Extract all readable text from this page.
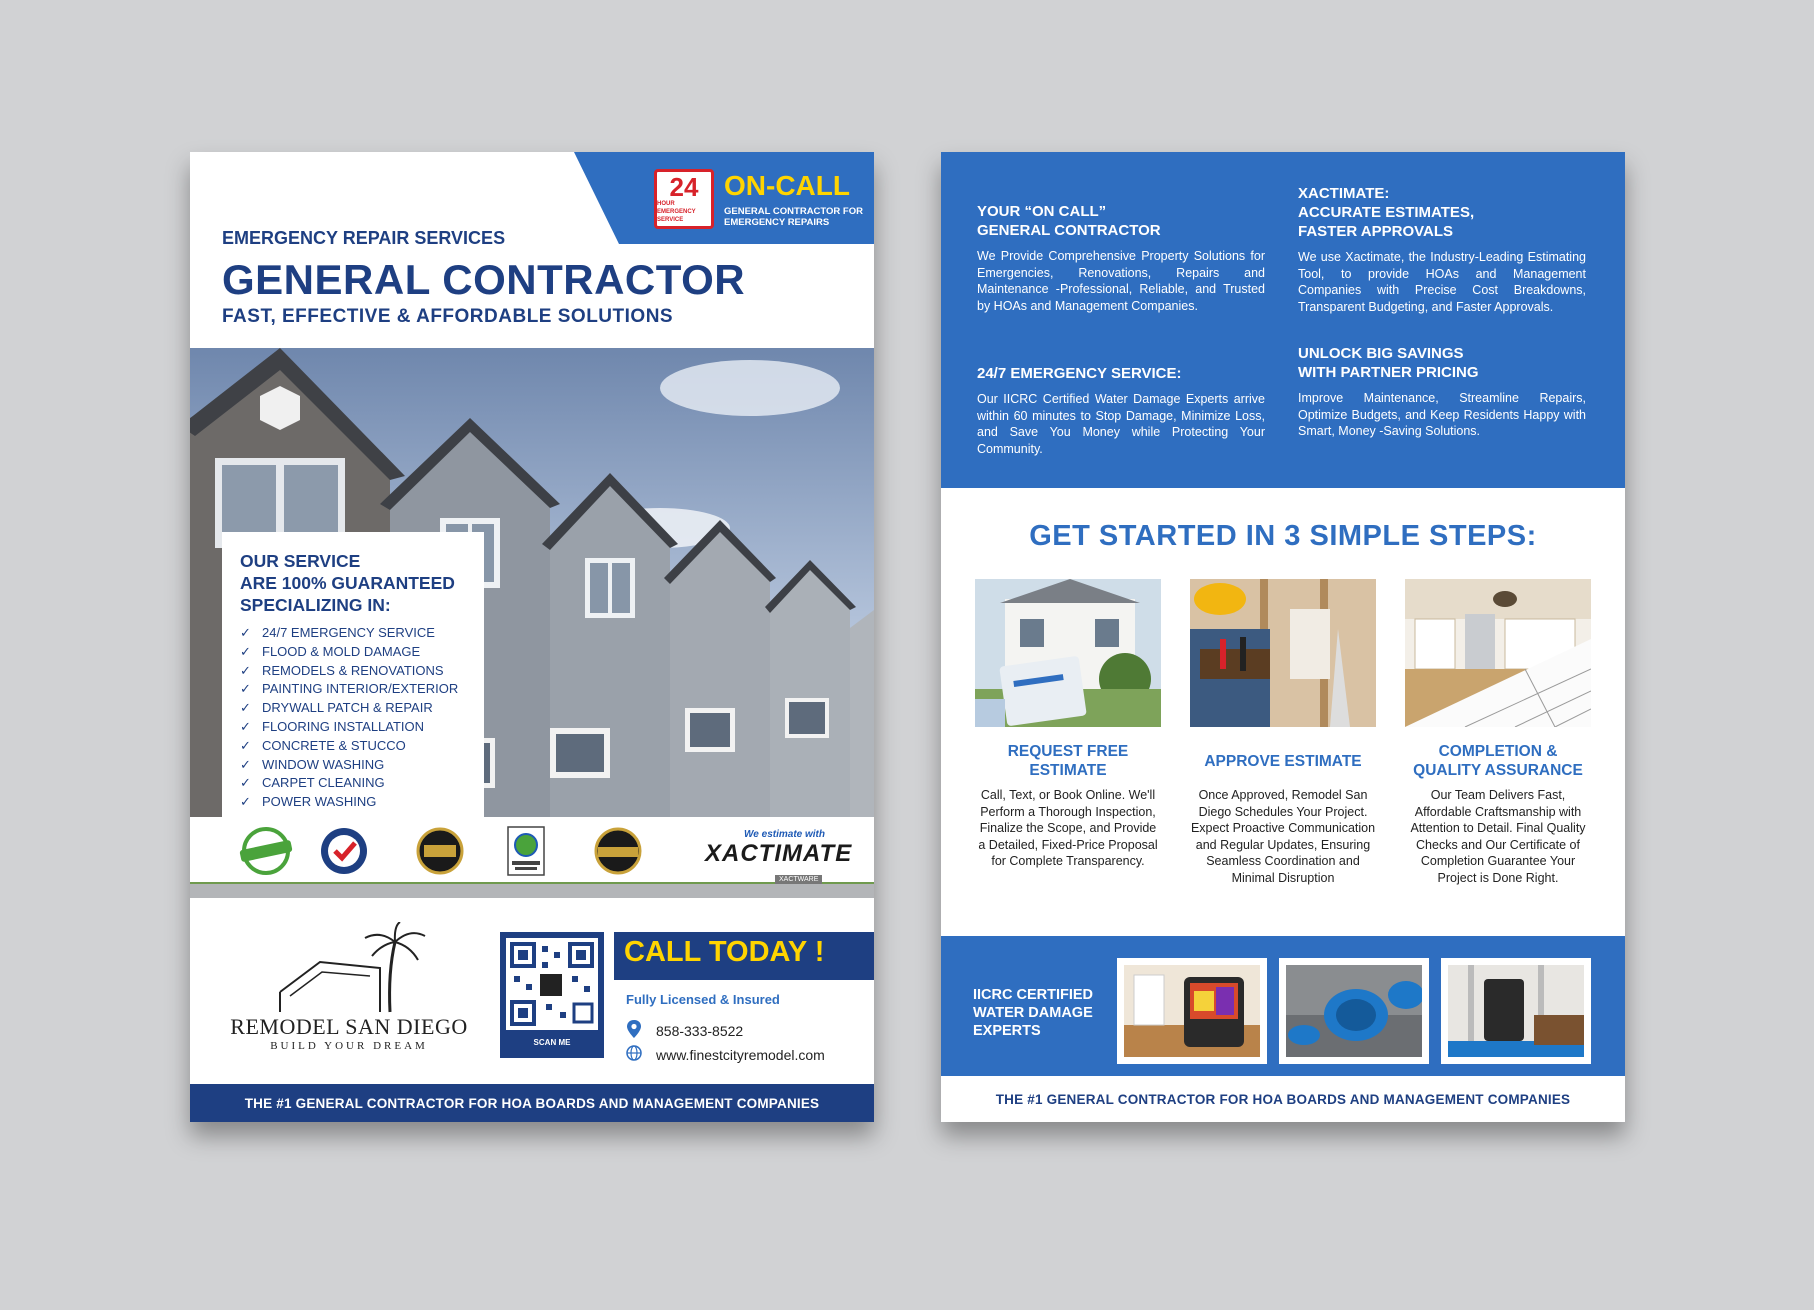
24
HOUR EMERGENCY SERVICE
ON-CALL
GENERAL CONTRACTOR FOR EMERGENCY REPAIRS
EMERGENCY REPAIR SERVICES
GENERAL CONTRACTOR
FAST, EFFECTIVE & AFFORDABLE SOLUTIONS
OUR SERVICE
ARE 100% GUARANTEED
SPECIALIZING IN:
✓ 24/7 EMERGENCY SERVICE
✓ FLOOD & MOLD DAMAGE
✓ REMODELS & RENOVATIONS
✓ PAINTING INTERIOR/EXTERIOR
✓ DRYWALL PATCH & REPAIR
✓ FLOORING INSTALLATION
✓ CONCRETE & STUCCO
✓ WINDOW WASHING
✓ CARPET CLEANING
✓ POWER WASHING
We estimate with
XACTIMATE
XACTWARE
REMODEL SAN DIEGO
BUILD YOUR DREAM	SCAN ME
CALL TODAY !
Fully Licensed & Insured
858-333-8522
www.finestcityremodel.com
THE #1 GENERAL CONTRACTOR FOR HOA BOARDS AND MANAGEMENT COMPANIES
YOUR “ON CALL”
GENERAL CONTRACTOR
We Provide Comprehensive Property Solutions for Emergencies, Renovations, Repairs and Maintenance -Professional, Reliable, and Trusted by HOAs and Management Companies.
24/7 EMERGENCY SERVICE:
Our IICRC Certified Water Damage Experts arrive within 60 minutes to Stop Damage, Minimize Loss, and Save You Money while Protecting Your Community.
XACTIMATE:
ACCURATE ESTIMATES,
FASTER APPROVALS
We use Xactimate, the Industry-Leading Estimating Tool, to provide HOAs and Management Companies with Precise Cost Breakdowns, Transparent Budgeting, and Faster Approvals.
UNLOCK BIG SAVINGS
WITH PARTNER PRICING
Improve Maintenance, Streamline Repairs, Optimize Budgets, and Keep Residents Happy with Smart, Money -Saving Solutions.
GET STARTED IN 3 SIMPLE STEPS:
REQUEST FREE
ESTIMATE
Call, Text, or Book Online. We'll Perform a Thorough Inspection, Finalize the Scope, and Provide a Detailed, Fixed-Price Proposal for Complete Transparency.
APPROVE ESTIMATE
Once Approved, Remodel San Diego Schedules Your Project. Expect Proactive Communication and Regular Updates, Ensuring Seamless Coordination and Minimal Disruption
COMPLETION &
QUALITY ASSURANCE
Our Team Delivers Fast, Affordable Craftsmanship with Attention to Detail. Final Quality Checks and Our Certificate of Completion Guarantee Your Project is Done Right.
IICRC CERTIFIED
WATER DAMAGE
EXPERTS
THE #1 GENERAL CONTRACTOR FOR HOA BOARDS AND MANAGEMENT COMPANIES
